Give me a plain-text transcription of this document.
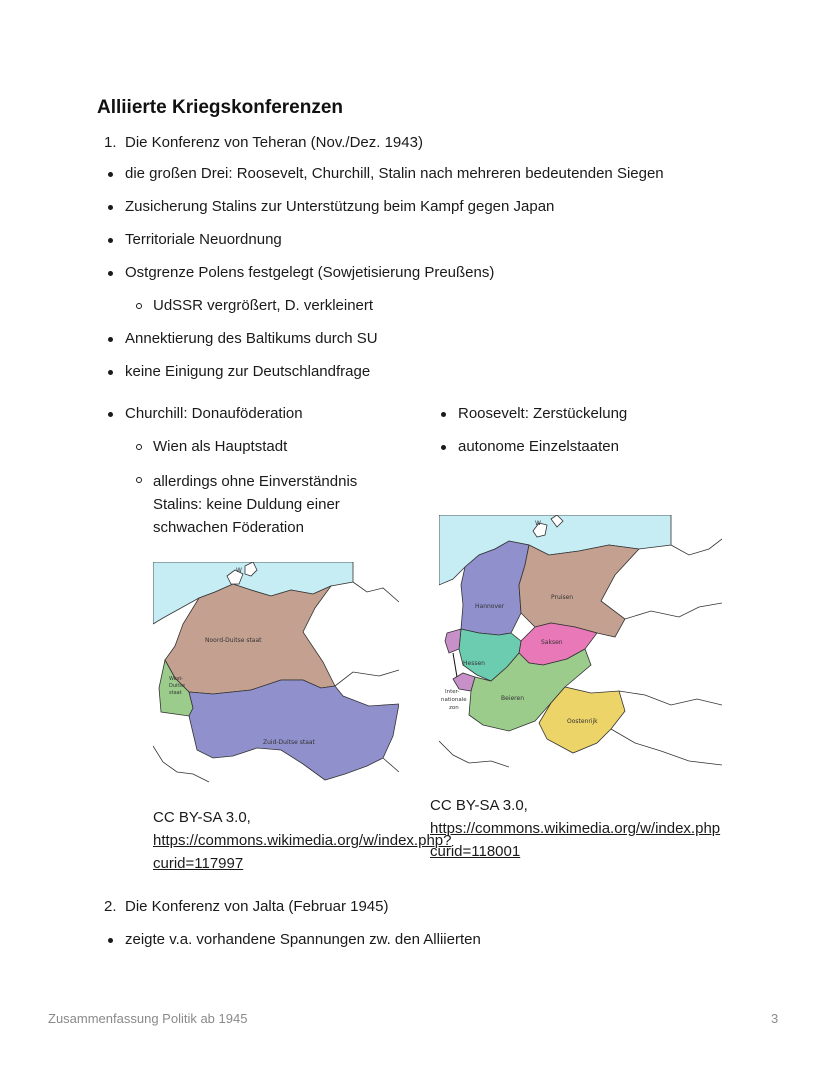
Alliierte Kriegskonferenzen
1. Die Konferenz von Teheran (Nov./Dez. 1943)
die großen Drei: Roosevelt, Churchill, Stalin nach mehreren bedeutenden Siegen
Zusicherung Stalins zur Unterstützung beim Kampf gegen Japan
Territoriale Neuordnung
Ostgrenze Polens festgelegt (Sowjetisierung Preußens)
UdSSR vergrößert, D. verkleinert
Annektierung des Baltikums durch SU
keine Einigung zur Deutschlandfrage
Churchill: Donauföderation
Wien als Hauptstadt
allerdings ohne Einverständnis
Stalins: keine Duldung einer
schwachen Föderation
Roosevelt: Zerstückelung
autonome Einzelstaaten
W
Noord-Duitse staat
West-
Duitse
staat
Zuid-Duitse staat
W
Hannover
Pruisen
Saksen
Hessen
Inter-
nationale
zon
Beieren
Oostenrijk
CC BY-SA 3.0,
https://commons.wikimedia.org/w/index.php?
curid=117997
CC BY-SA 3.0,
https://commons.wikimedia.org/w/index.php
curid=118001
2. Die Konferenz von Jalta (Februar 1945)
zeigte v.a. vorhandene Spannungen zw. den Alliierten
Zusammenfassung Politik ab 1945	3
